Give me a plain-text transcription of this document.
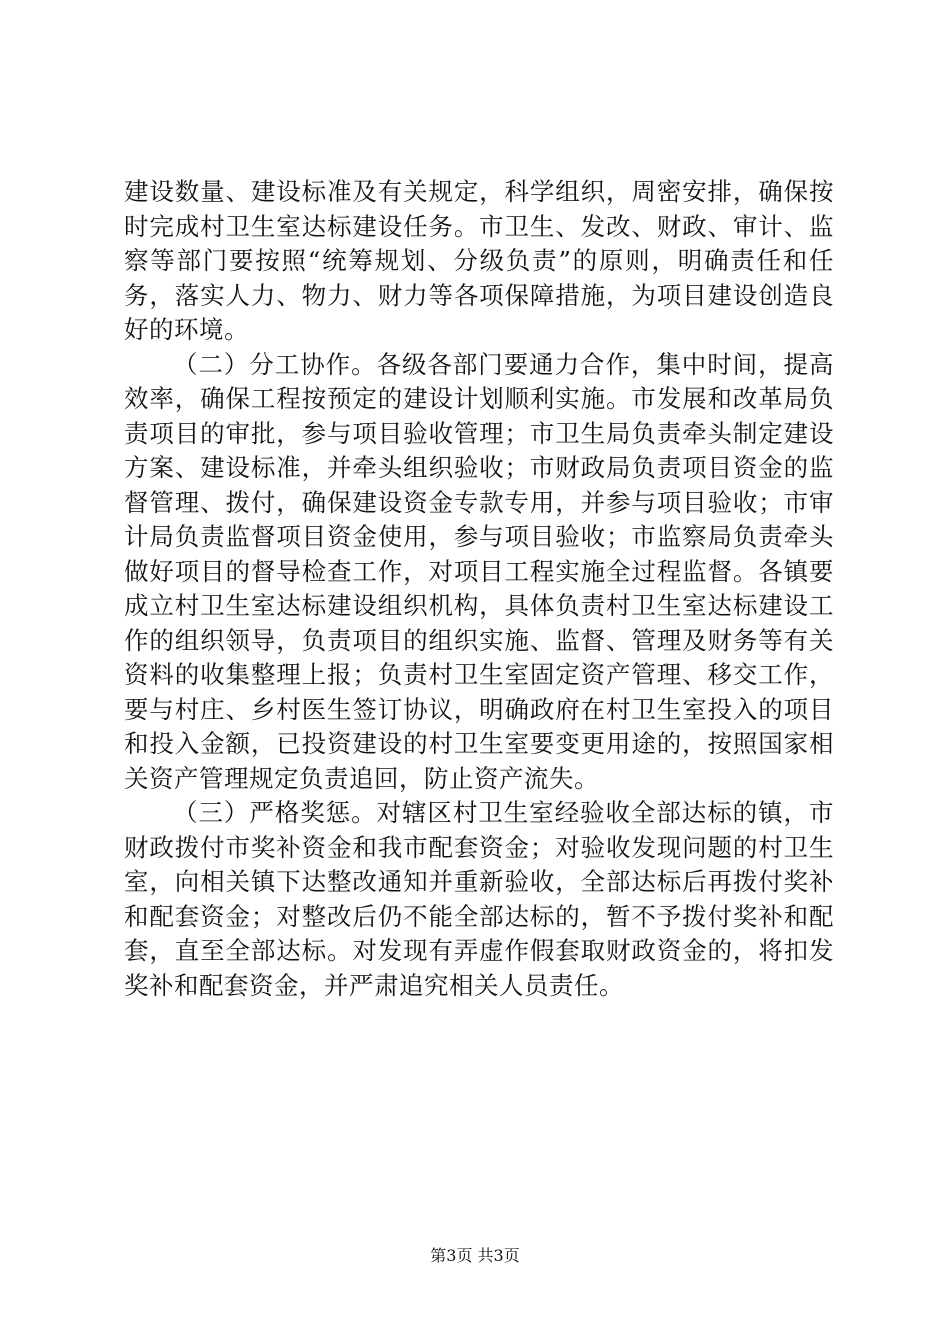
建设数量、建设标准及有关规定，科学组织，周密安排，确保按时完成村卫生室达标建设任务。市卫生、发改、财政、审计、监察等部门要按照“统筹规划、分级负责”的原则，明确责任和任务，落实人力、物力、财力等各项保障措施，为项目建设创造良好的环境。

（二）分工协作。各级各部门要通力合作，集中时间，提高效率，确保工程按预定的建设计划顺利实施。市发展和改革局负责项目的审批，参与项目验收管理；市卫生局负责牵头制定建设方案、建设标准，并牵头组织验收；市财政局负责项目资金的监督管理、拨付，确保建设资金专款专用，并参与项目验收；市审计局负责监督项目资金使用，参与项目验收；市监察局负责牵头做好项目的督导检查工作，对项目工程实施全过程监督。各镇要成立村卫生室达标建设组织机构，具体负责村卫生室达标建设工作的组织领导，负责项目的组织实施、监督、管理及财务等有关资料的收集整理上报；负责村卫生室固定资产管理、移交工作，要与村庄、乡村医生签订协议，明确政府在村卫生室投入的项目和投入金额，已投资建设的村卫生室要变更用途的，按照国家相关资产管理规定负责追回，防止资产流失。

（三）严格奖惩。对辖区村卫生室经验收全部达标的镇，市财政拨付市奖补资金和我市配套资金；对验收发现问题的村卫生室，向相关镇下达整改通知并重新验收，全部达标后再拨付奖补和配套资金；对整改后仍不能全部达标的，暂不予拨付奖补和配套，直至全部达标。对发现有弄虚作假套取财政资金的，将扣发奖补和配套资金，并严肃追究相关人员责任。

第3页 共3页
